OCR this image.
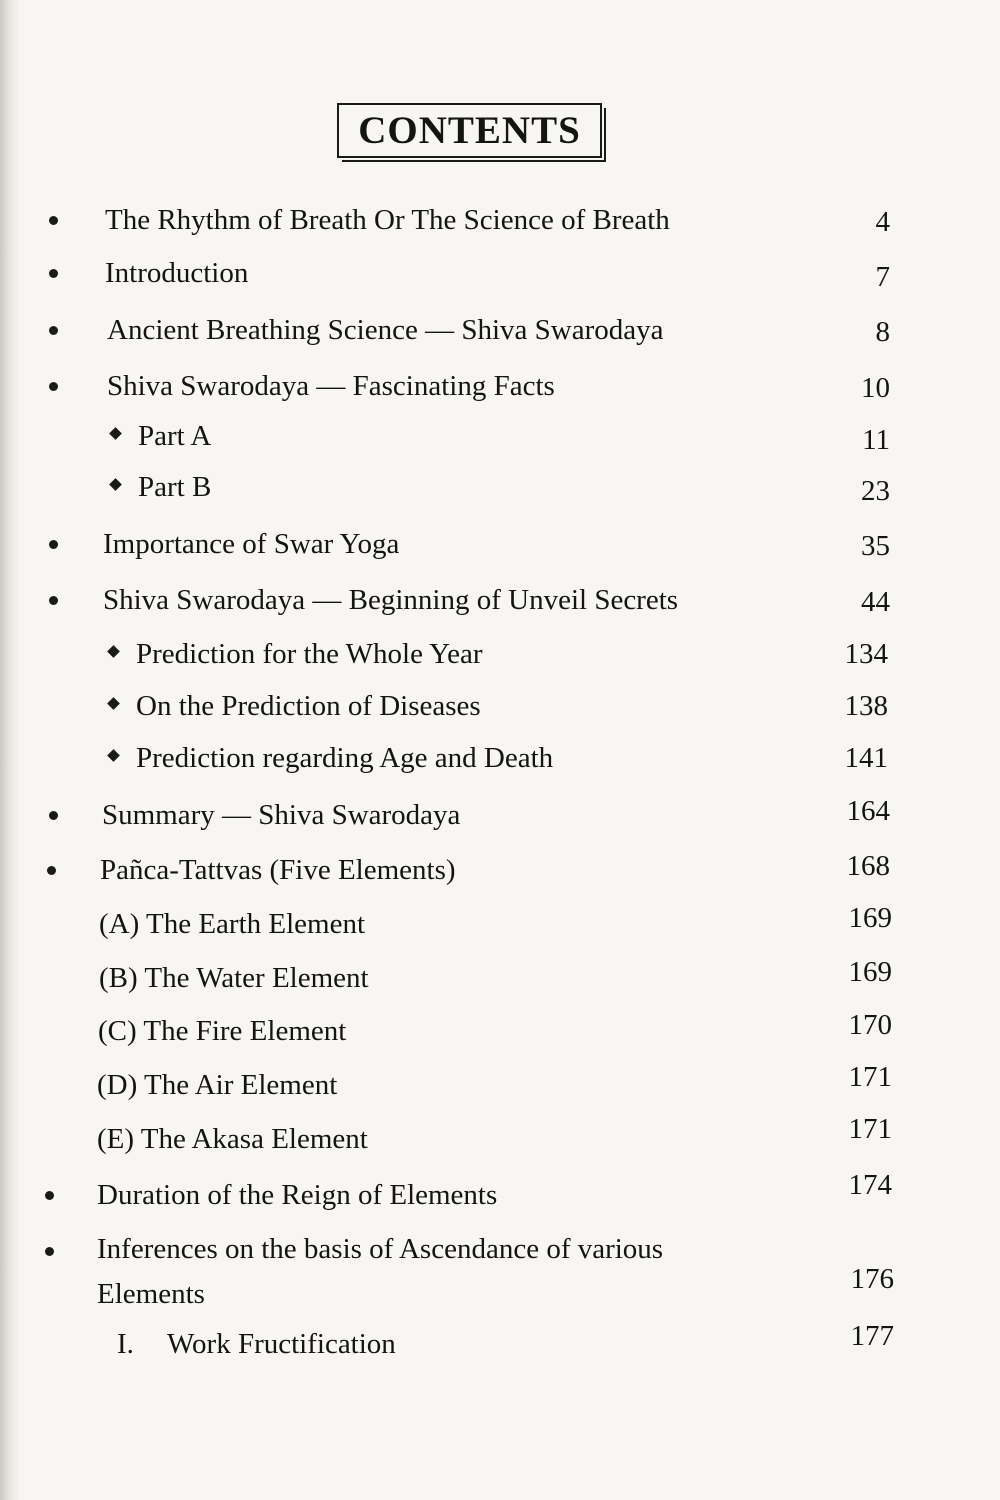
CONTENTS
The Rhythm of Breath Or The Science of Breath	4
Introduction	7
Ancient Breathing Science — Shiva Swarodaya	8
Shiva Swarodaya — Fascinating Facts	10
Part A	11
Part B	23
Importance of Swar Yoga	35
Shiva Swarodaya — Beginning of Unveil Secrets	44
Prediction for the Whole Year	134
On the Prediction of Diseases	138
Prediction regarding Age and Death	141
Summary — Shiva Swarodaya	164
Pañca-Tattvas (Five Elements)	168
(A) The Earth Element	169
(B) The Water Element	169
(C) The Fire Element	170
(D) The Air Element	171
(E) The Akasa Element	171
Duration of the Reign of Elements	174
Inferences on the basis of Ascendance of various
Elements	176
I. Work Fructification	177
